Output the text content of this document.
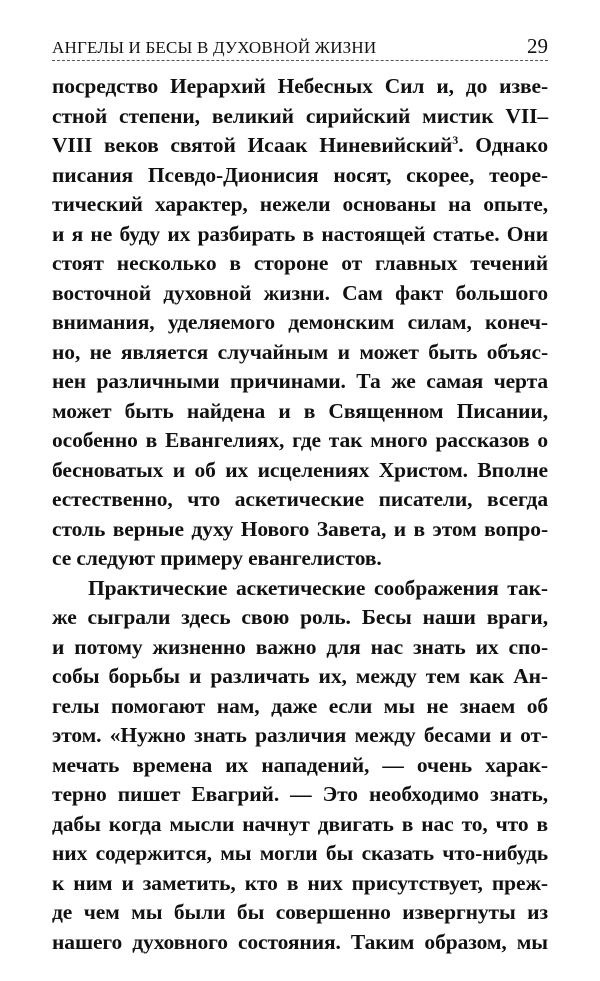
АНГЕЛЫ И БЕСЫ В ДУХОВНОЙ ЖИЗНИ	29
посредство Иерархий Небесных Сил и, до изве-
стной степени, великий сирийский мистик VII–
VIII веков святой Исаак Ниневийский$^3$. Однако
писания Псевдо-Дионисия носят, скорее, теоре-
тический характер, нежели основаны на опыте,
и я не буду их разбирать в настоящей статье. Они
стоят несколько в стороне от главных течений
восточной духовной жизни. Сам факт большого
внимания, уделяемого демонским силам, конеч-
но, не является случайным и может быть объяс-
нен различными причинами. Та же самая черта
может быть найдена и в Священном Писании,
особенно в Евангелиях, где так много рассказов о
бесноватых и об их исцелениях Христом. Вполне
естественно, что аскетические писатели, всегда
столь верные духу Нового Завета, и в этом вопро-
се следуют примеру евангелистов.
Практические аскетические соображения так-
же сыграли здесь свою роль. Бесы наши враги,
и потому жизненно важно для нас знать их спо-
собы борьбы и различать их, между тем как Ан-
гелы помогают нам, даже если мы не знаем об
этом. «Нужно знать различия между бесами и от-
мечать времена их нападений, — очень харак-
терно пишет Евагрий. — Это необходимо знать,
дабы когда мысли начнут двигать в нас то, что в
них содержится, мы могли бы сказать что-нибудь
к ним и заметить, кто в них присутствует, преж-
де чем мы были бы совершенно извергнуты из
нашего духовного состояния. Таким образом, мы
